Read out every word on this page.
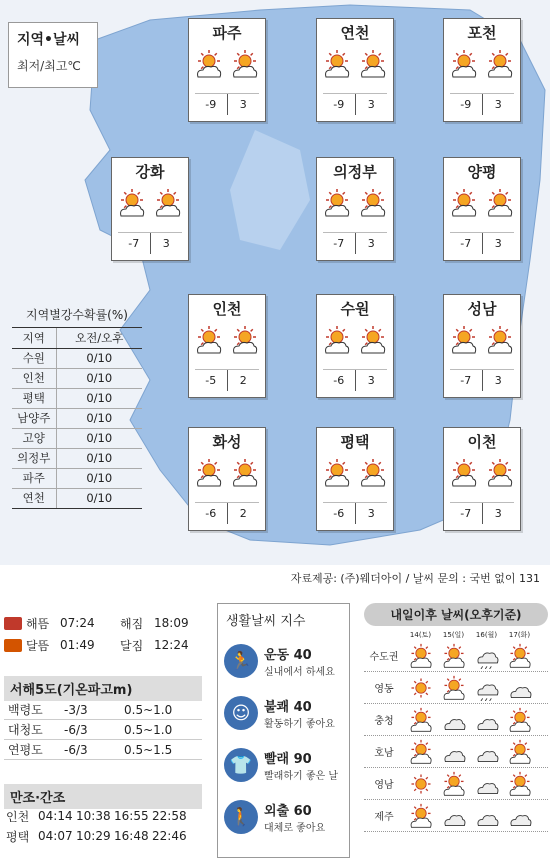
지역•날씨
최저/최고℃
파주
-9	3
연천
-9	3
포천
-9	3
강화
-7	3
의정부
-7	3
양평
-7	3
인천
-5	2
수원
-6	3
성남
-7	3
화성
-6	2
평택
-6	3
이천
-7	3
지역별강수확률(%)
지역	오전/오후
수원	0/10
인천	0/10
평택	0/10
남양주	0/10
고양	0/10
의정부	0/10
파주	0/10
연천	0/10
자료제공: (주)웨더아이 / 날씨 문의 : 국번 없이 131
해뜸 07:24	해짐 18:09
달뜸 01:49	달짐 12:24
서해5도(기온파고m)
백령도	-3/3	0.5~1.0
대청도	-6/3	0.5~1.0
연평도	-6/3	0.5~1.5
만조·간조
인천 04:14 10:38 16:55 22:58
평택 04:07 10:29 16:48 22:46
생활날씨 지수
🏃 운동 40
실내에서 하세요
☺	불쾌 40
활동하기 좋아요
👕 빨래 90
빨래하기 좋은 날
🚶 외출 60
대체로 좋아요
내일이후 날씨(오후기준)
14(토)	15(일)	16(월)	17(화)
수도권
영동
충청
호남
영남
제주
